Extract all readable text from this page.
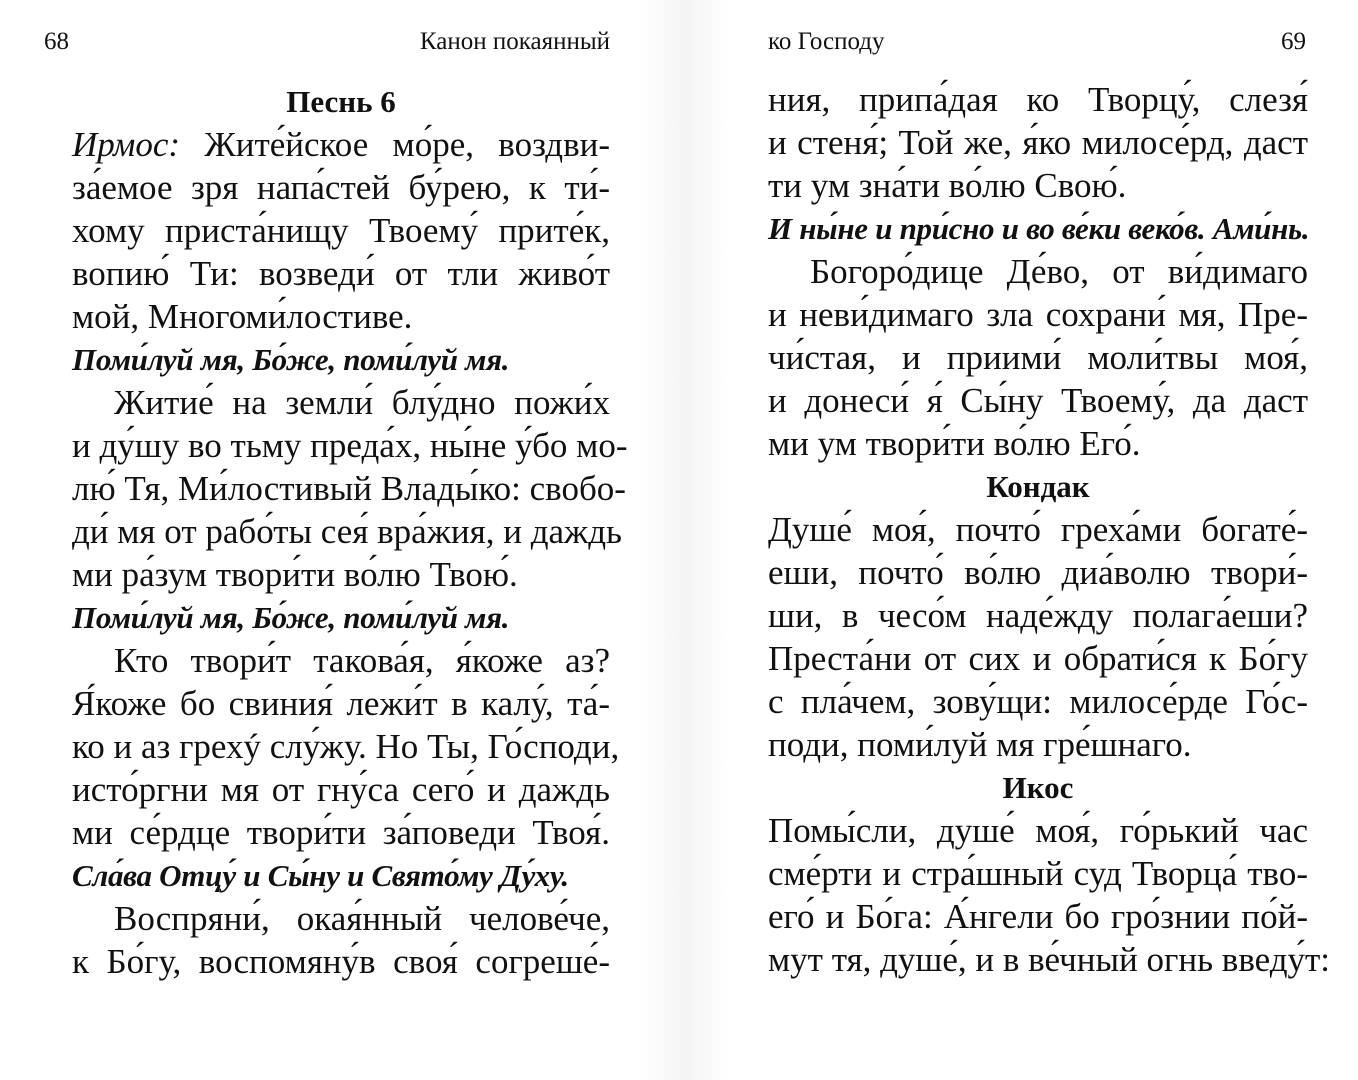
68	Канон покаянный	ко Господу	69
Песнь 6
Ирмос: Жите́йское мо́ре, воздви-
за́емое зря напа́стей бу́рею, к ти́-
хому приста́нищу Твоему́ прите́к,
вопию́ Ти: возведи́ от тли живо́т
мой, Многоми́лостиве.
Поми́луй мя, Бо́же, поми́луй мя.
Житие́ на земли́ блу́дно пожи́х
и ду́шу во тьму преда́х, ны́не у́бо мо-
лю́ Тя, Ми́лостивый Влады́ко: свобо-
ди́ мя от рабо́ты сея́ вра́жия, и даждь
ми ра́зум твори́ти во́лю Твою́.
Поми́луй мя, Бо́же, поми́луй мя.
Кто твори́т такова́я, я́коже аз?
Я́коже бо свиния́ лежи́т в калу́, та́-
ко и аз грехý слу́жу. Но Ты, Го́споди,
исто́ргни мя от гну́са сего́ и даждь
ми се́рдце твори́ти за́поведи Твоя́.
Сла́ва Отцу́ и Сы́ну и Свято́му Ду́ху.
Воспряни́, окая́нный челове́че,
к Бо́гу, воспомяну́в своя́ согреше́-
ния, припа́дая ко Творцу́, слезя́
и стеня́; Той же, я́ко милосе́рд, даст
ти ум зна́ти во́лю Свою́.
И ны́не и при́сно и во ве́ки веко́в. Ами́нь.
Богоро́дице Де́во, от ви́димаго
и неви́димаго зла сохрани́ мя, Пре-
чи́стая, и приими́ моли́твы моя́,
и донеси́ я́ Сы́ну Твоему́, да даст
ми ум твори́ти во́лю Его́.
Кондак
Душе́ моя́, почто́ греха́ми богате́-
еши, почто́ во́лю диа́волю твори́-
ши, в чесо́м наде́жду полага́еши?
Преста́ни от сих и обрати́ся к Бо́гу
с пла́чем, зову́щи: милосе́рде Го́с-
поди, поми́луй мя гре́шнаго.
Икос
Помы́сли, душе́ моя́, го́рький час
сме́рти и стра́шный суд Творца́ тво-
его́ и Бо́га: А́нгели бо гро́знии по́й-
мут тя, душе́, и в ве́чный огнь введу́т:
